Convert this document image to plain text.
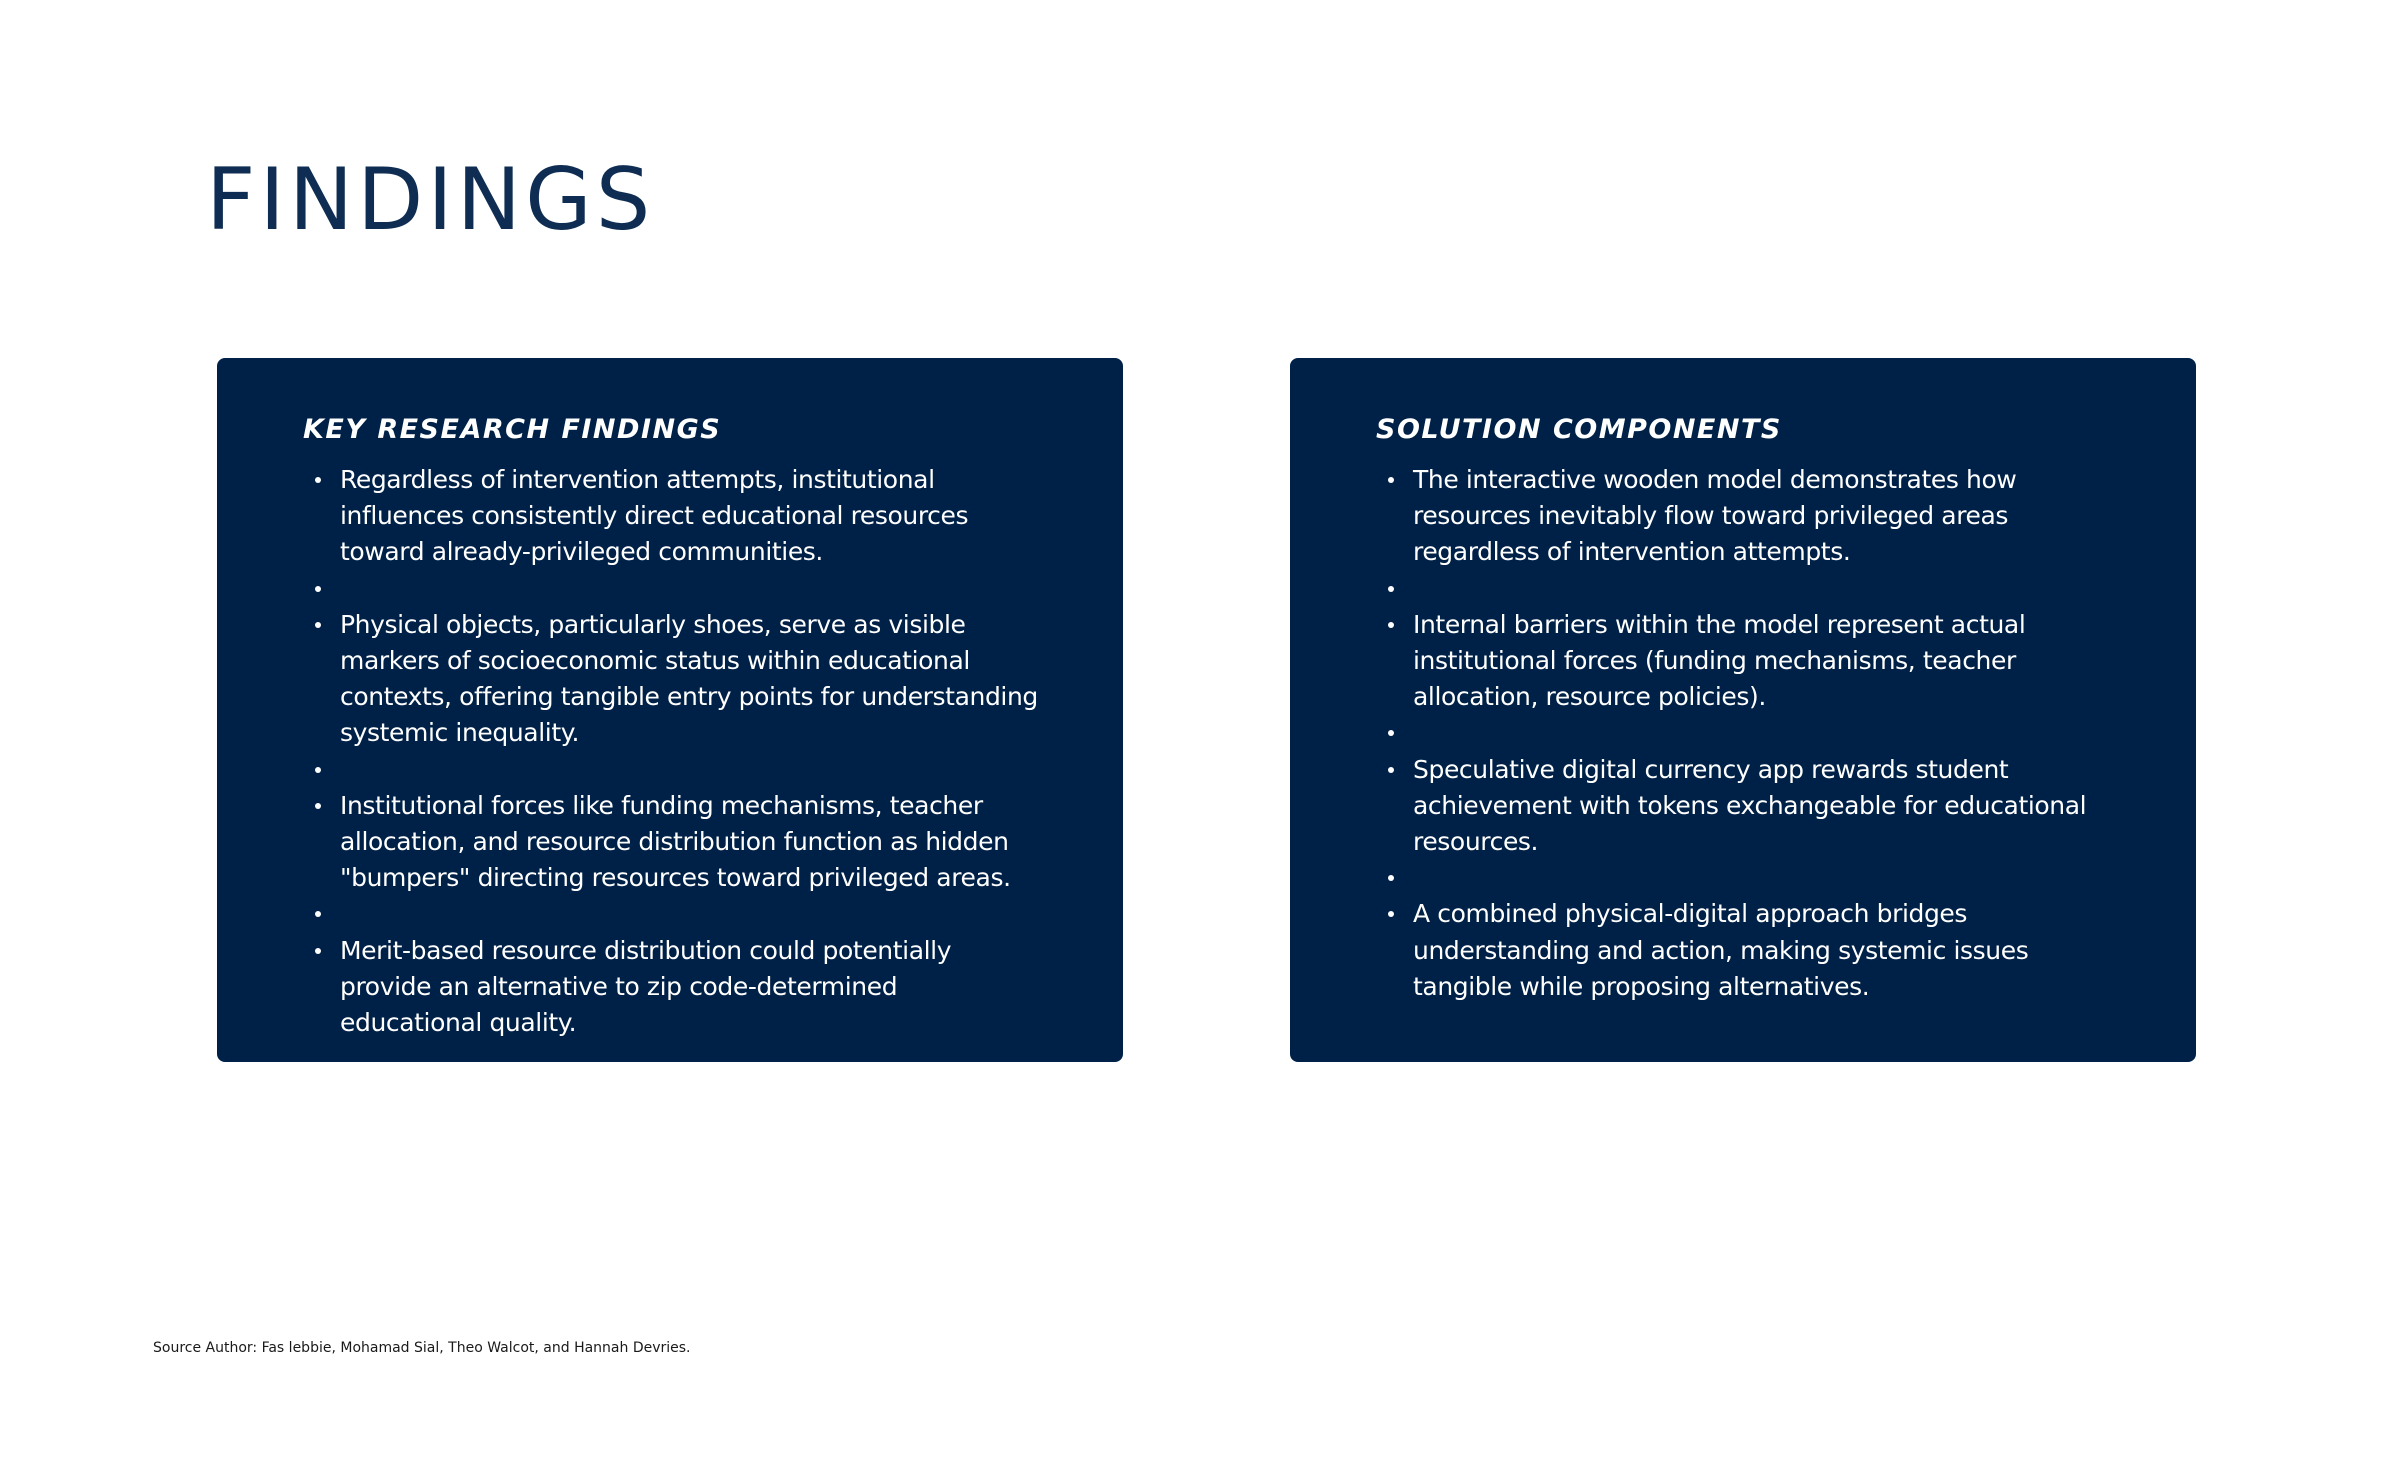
FINDINGS
KEY RESEARCH FINDINGS
Regardless of intervention attempts, institutional influences consistently direct educational resources toward already-privileged communities.
Physical objects, particularly shoes, serve as visible markers of socioeconomic status within educational contexts, offering tangible entry points for understanding systemic inequality.
Institutional forces like funding mechanisms, teacher allocation, and resource distribution function as hidden "bumpers" directing resources toward privileged areas.
Merit-based resource distribution could potentially provide an alternative to zip code-determined educational quality.
SOLUTION COMPONENTS
The interactive wooden model demonstrates how resources inevitably flow toward privileged areas regardless of intervention attempts.
Internal barriers within the model represent actual institutional forces (funding mechanisms, teacher allocation, resource policies).
Speculative digital currency app rewards student achievement with tokens exchangeable for educational resources.
A combined physical-digital approach bridges understanding and action, making systemic issues tangible while proposing alternatives.
Source Author: Fas lebbie, Mohamad Sial, Theo Walcot, and Hannah Devries.
